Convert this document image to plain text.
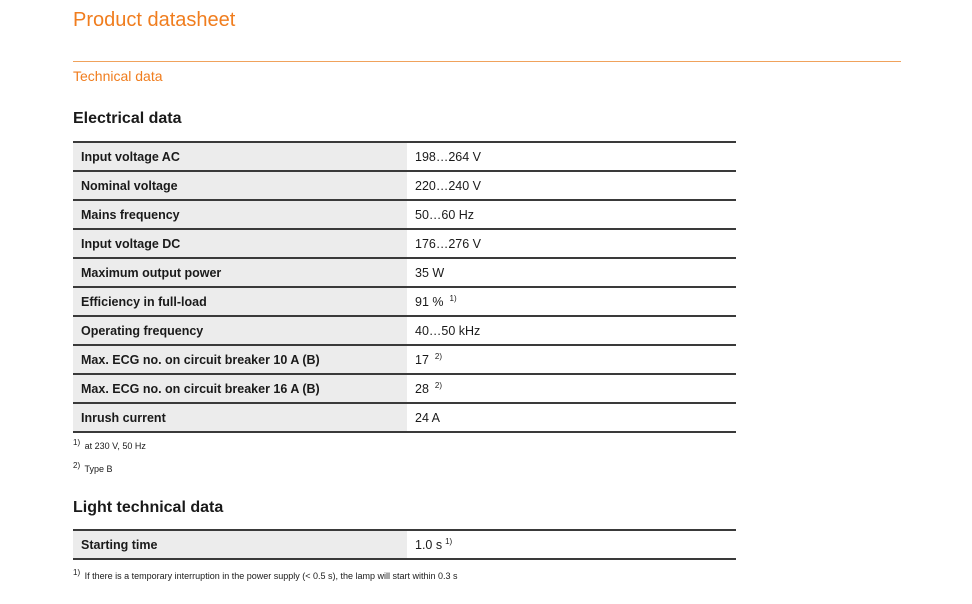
Product datasheet
Technical data
Electrical data
Input voltage AC	198…264 V
Nominal voltage	220…240 V
Mains frequency	50…60 Hz
Input voltage DC	176…276 V
Maximum output power	35 W
Efficiency in full-load	91 % $^{1)}$
Operating frequency	40…50 kHz
Max. ECG no. on circuit breaker 10 A (B)	17 $^{2)}$
Max. ECG no. on circuit breaker 16 A (B)	28 $^{2)}$
Inrush current	24 A
$^{1)}$ at 230 V, 50 Hz
$^{2)}$ Type B
Light technical data
Starting time	1.0 s $^{1)}$
$^{1)}$ If there is a temporary interruption in the power supply (< 0.5 s), the lamp will start within 0.3 s
